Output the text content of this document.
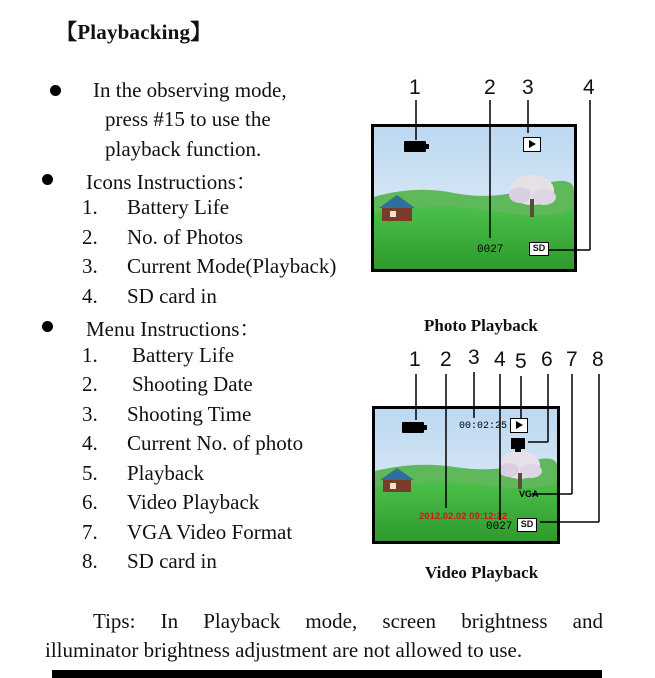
【Playbacking】
In the observing mode,
press #15 to use the
playback function.
Icons Instructions：
1.	Battery Life
2.	No. of Photos
3.	Current Mode(Playback)
4.	SD card in
Menu Instructions：
1.	Battery Life
2.	Shooting Date
3.	Shooting Time
4.	Current No. of photo
5.	Playback
6.	Video Playback
7.	VGA Video Format
8.	SD card in
1	2 3 4
0027	SD
Photo Playback
1 2 3 4 5 6 7 8
00:02:25
VGA
2012.02.02 09:12:22
0027 SD
Video Playback
Tips: In Playback mode, screen brightness and
illuminator brightness adjustment are not allowed to use.
